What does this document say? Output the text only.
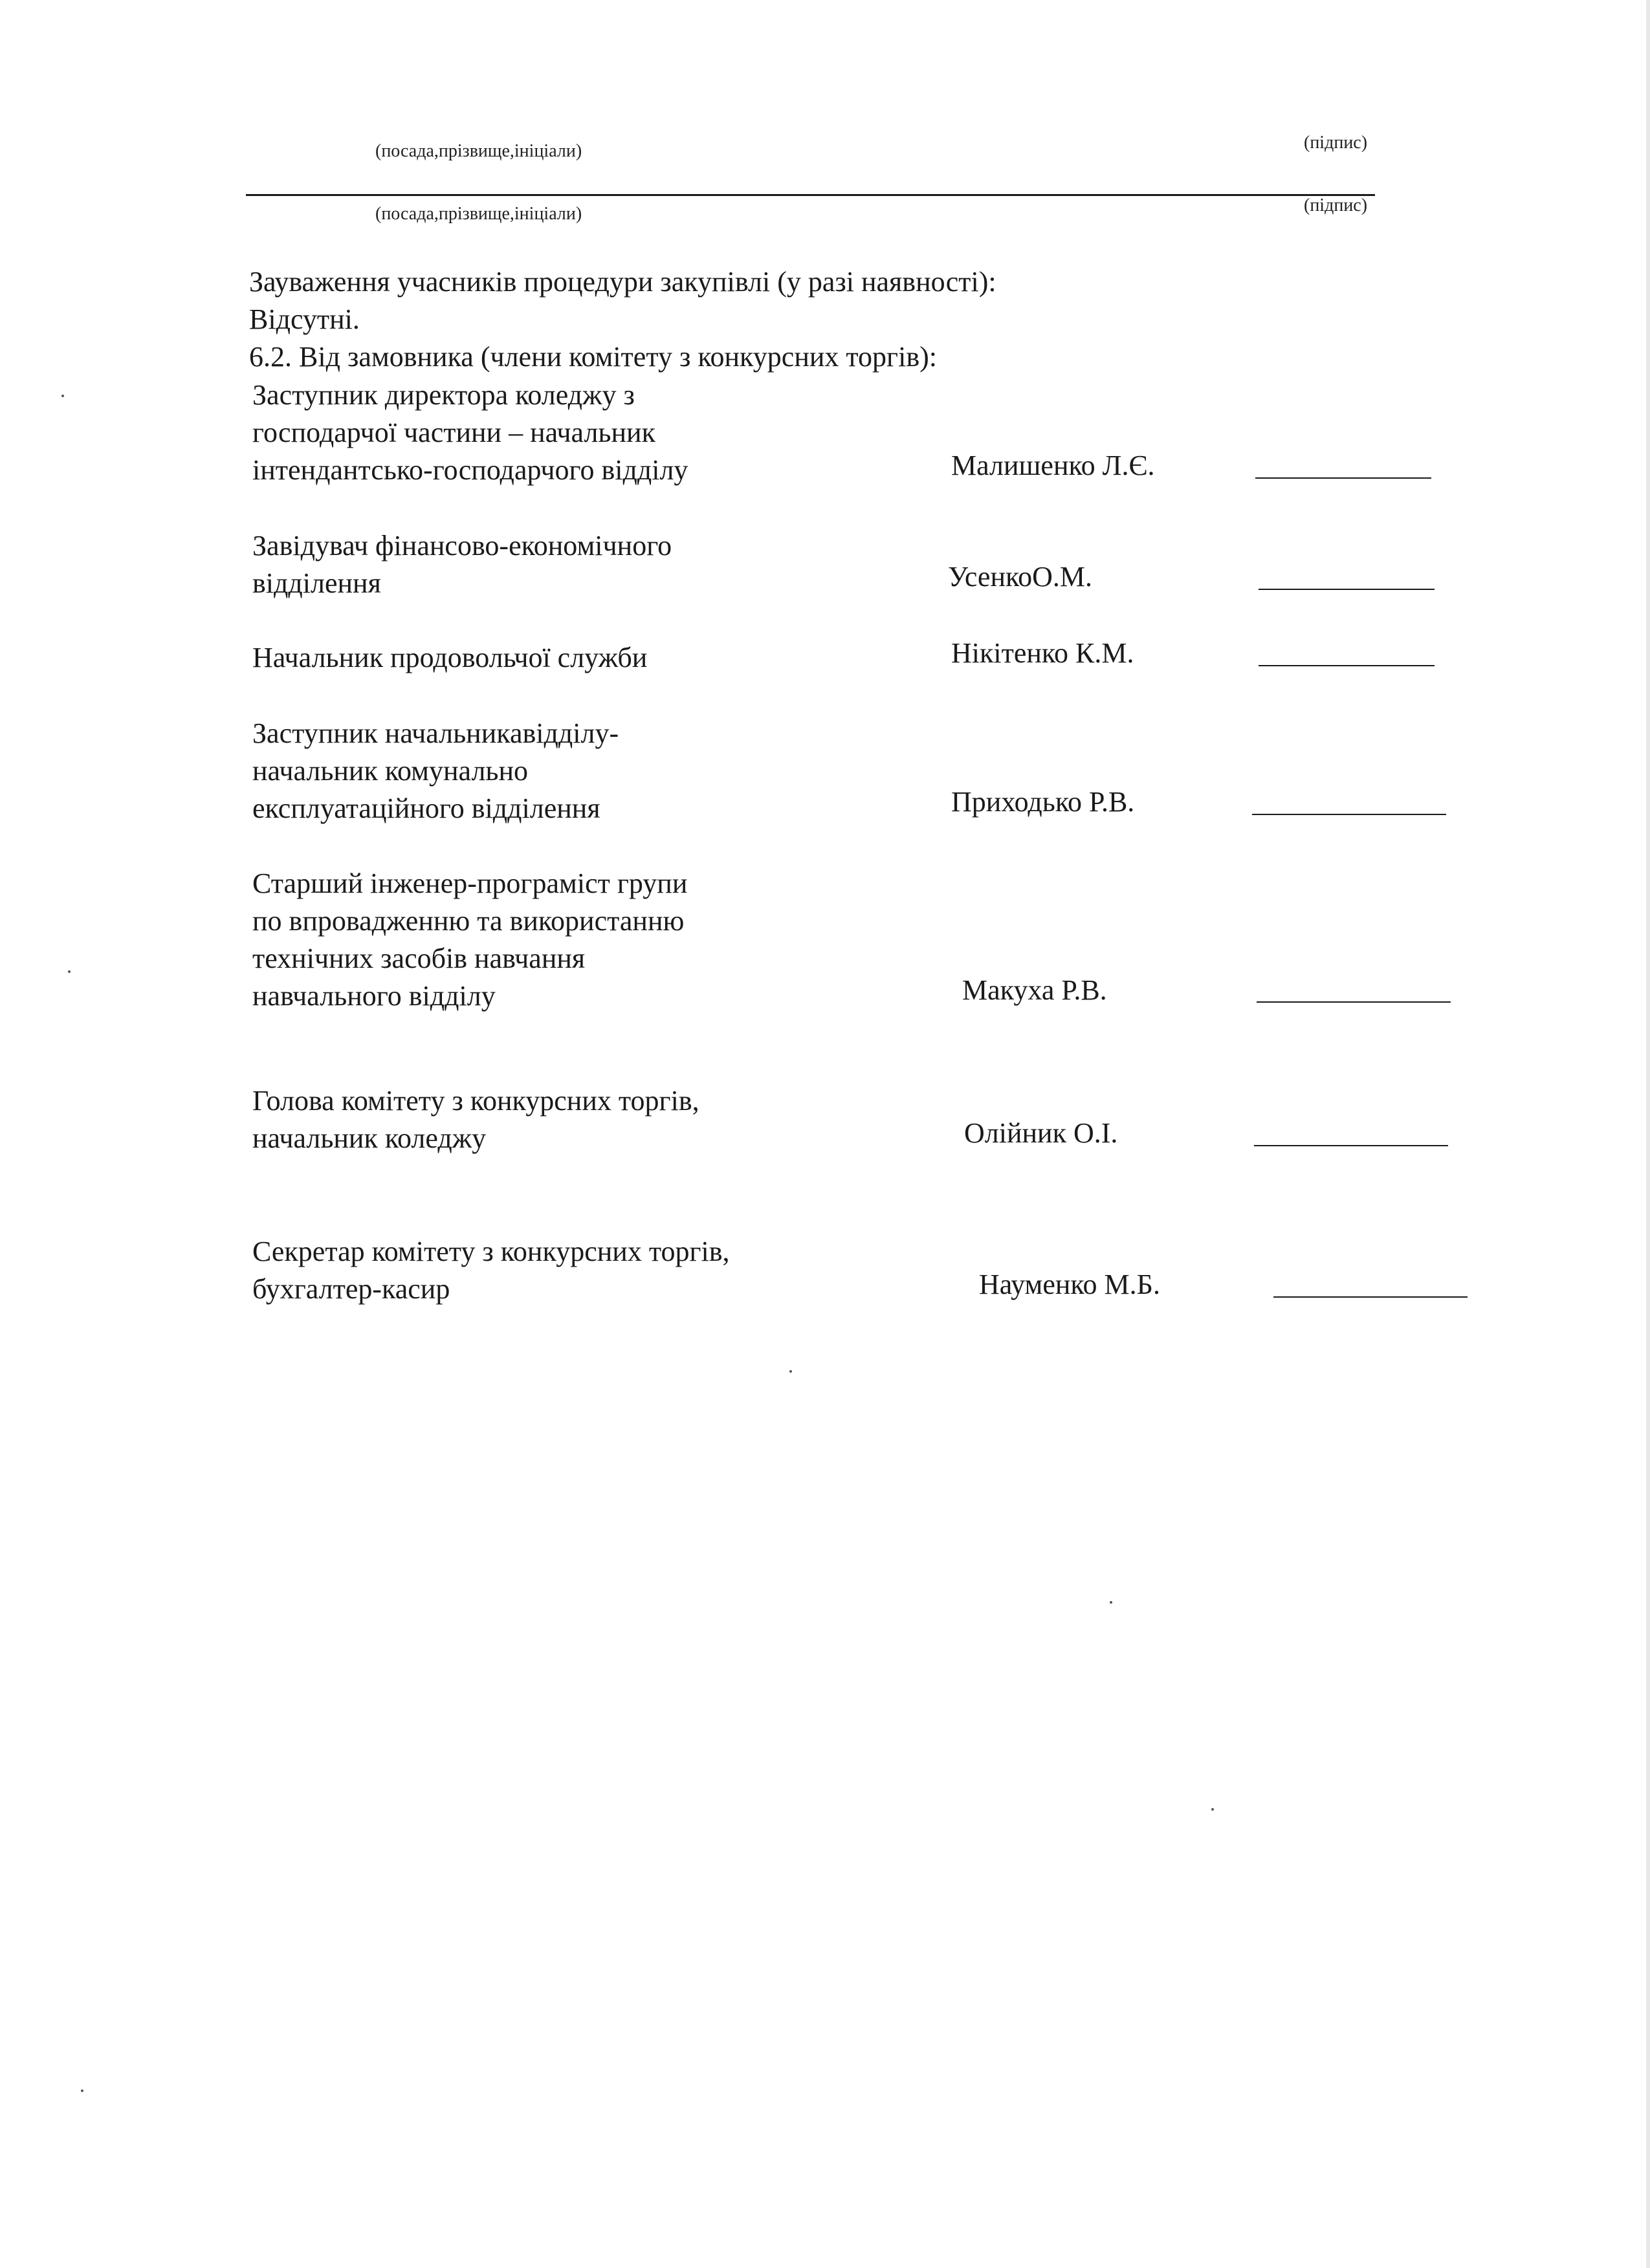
(посада,прізвище,ініціали)	(підпис)
(посада,прізвище,ініціали)	(підпис)
Зауваження учасників процедури закупівлі (у разі наявності):
Відсутні.
6.2. Від замовника (члени комітету з конкурсних торгів):
Заступник директора коледжу з
господарчої частини – начальник
інтендантсько-господарчого відділу	Малишенко Л.Є.
Завідувач фінансово-економічного
відділення	УсенкоО.М.
Начальник продовольчої служби	Нікітенко К.М.
Заступник начальникавідділу-
начальник комунально
експлуатаційного відділення	Приходько Р.В.
Старший інженер-програміст групи
по впровадженню та використанню
технічних засобів навчання
навчального відділу	Макуха Р.В.
Голова комітету з конкурсних торгів,
начальник коледжу	Олійник О.І.
Секретар комітету з конкурсних торгів,
бухгалтер-касир	Науменко М.Б.
